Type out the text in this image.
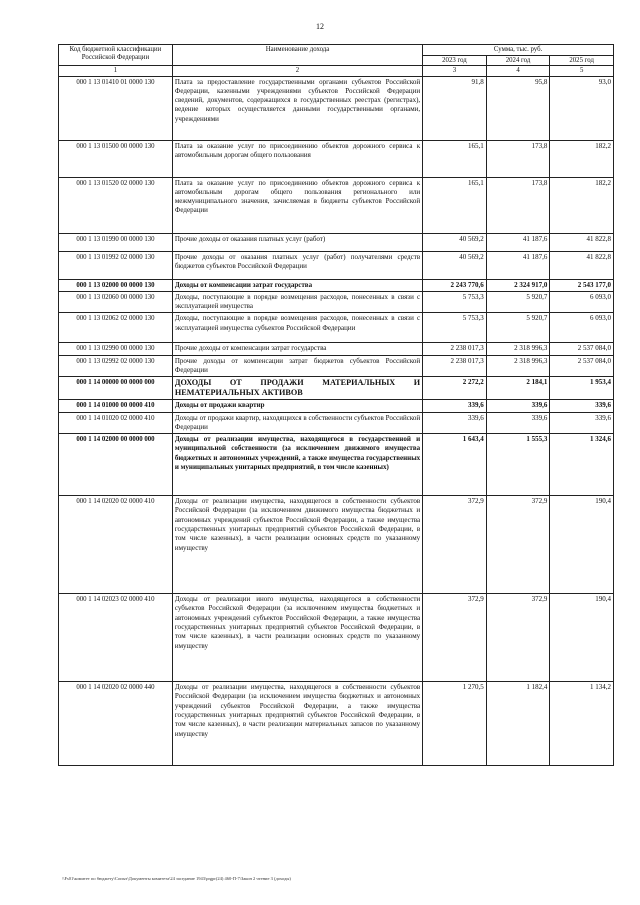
12
Код бюджетной классификации Российской Федерации	Наименование дохода	Сумма, тыс. руб.		
		2023 год	2024 год	2025 год
1	2	3	4	5
000 1 13 01410 01 0000 130	Плата за предоставление государственными органами субъектов Российской Федерации, казенными учреждениями субъектов Российской Федерации сведений, документов, содержащихся в государственных реестрах (регистрах), ведение которых осуществляется данными государственными органами, учреждениями	91,8	95,8	93,0
000 1 13 01500 00 0000 130	Плата за оказание услуг по присоединению объектов дорожного сервиса к автомобильным дорогам общего пользования	165,1	173,8	182,2
000 1 13 01520 02 0000 130	Плата за оказание услуг по присоединению объектов дорожного сервиса к автомобильным дорогам общего пользования регионального или межмуниципального значения, зачисляемая в бюджеты субъектов Российской Федерации	165,1	173,8	182,2
000 1 13 01990 00 0000 130	Прочие доходы от оказания платных услуг (работ)	40 569,2	41 187,6	41 822,8
000 1 13 01992 02 0000 130	Прочие доходы от оказания платных услуг (работ) получателями средств бюджетов субъектов Российской Федерации	40 569,2	41 187,6	41 822,8
000 1 13 02000 00 0000 130	Доходы от компенсации затрат государства	2 243 770,6	2 324 917,0	2 543 177,0
000 1 13 02060 00 0000 130	Доходы, поступающие в порядке возмещения расходов, понесенных в связи с эксплуатацией имущества	5 753,3	5 920,7	6 093,0
000 1 13 02062 02 0000 130	Доходы, поступающие в порядке возмещения расходов, понесенных в связи с эксплуатацией имущества субъектов Российской Федерации	5 753,3	5 920,7	6 093,0
000 1 13 02990 00 0000 130	Прочие доходы от компенсации затрат государства	2 238 017,3	2 318 996,3	2 537 084,0
000 1 13 02992 02 0000 130	Прочие доходы от компенсации затрат бюджетов субъектов Российской Федерации	2 238 017,3	2 318 996,3	2 537 084,0
000 1 14 00000 00 0000 000	ДОХОДЫ ОТ ПРОДАЖИ МАТЕРИАЛЬНЫХ И НЕМАТЕРИАЛЬНЫХ АКТИВОВ	2 272,2	2 184,1	1 953,4
000 1 14 01000 00 0000 410	Доходы от продажи квартир	339,6	339,6	339,6
000 1 14 01020 02 0000 410	Доходы от продажи квартир, находящихся в собственности субъектов Российской Федерации	339,6	339,6	339,6
000 1 14 02000 00 0000 000	Доходы от реализации имущества, находящегося в государственной и муниципальной собственности (за исключением движимого имущества бюджетных и автономных учреждений, а также имущества государственных и муниципальных унитарных предприятий, в том числе казенных)	1 643,4	1 555,3	1 324,6
000 1 14 02020 02 0000 410	Доходы от реализации имущества, находящегося в собственности субъектов Российской Федерации (за исключением движимого имущества бюджетных и автономных учреждений субъектов Российской Федерации, а также имущества государственных унитарных предприятий субъектов Российской Федерации, в том числе казенных), в части реализации основных средств по указанному имуществу	372,9	372,9	190,4
000 1 14 02023 02 0000 410	Доходы от реализации иного имущества, находящегося в собственности субъектов Российской Федерации (за исключением имущества бюджетных и автономных учреждений субъектов Российской Федерации, а также имущества государственных унитарных предприятий субъектов Российской Федерации, в том числе казенных), в части реализации основных средств по указанному имуществу	372,9	372,9	190,4
000 1 14 02020 02 0000 440	Доходы от реализации имущества, находящегося в собственности субъектов Российской Федерации (за исключением имущества бюджетных и автономных учреждений субъектов Российской Федерации, а также имущества государственных унитарных предприятий субъектов Российской Федерации, в том числе казенных), в части реализации материальных запасов по указанному имуществу	1 270,5	1 182,4	1 134,2
\\Fs01\комитет по бюджету\Сопыт\Документы комитета\24 заседание 1943\prgpr(24) 460-П-7\Закон 2 чтение 3 (доходы)
